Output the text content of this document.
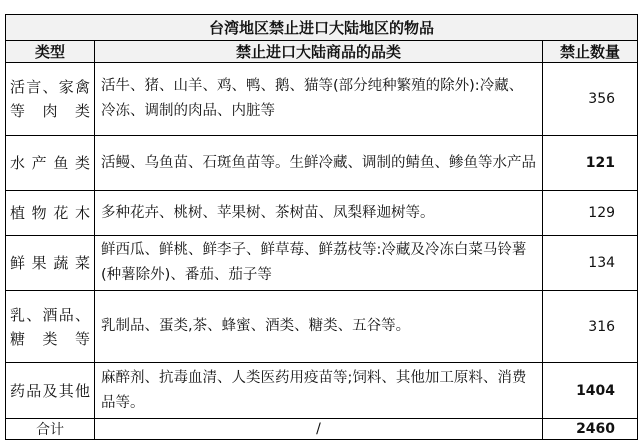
台湾地区禁止进口大陆地区的物品		
类型	禁止进口大陆商品的品类	禁止数量
活言、家禽等肉类	活牛、猪、山羊、鸡、鸭、鹅、猫等(部分纯种繁殖的除外):冷藏、冷冻、调制的肉品、内脏等	356
水产鱼类	活鳗、乌鱼苗、石斑鱼苗等。生鲜冷藏、调制的鲭鱼、鲹鱼等水产品	121
植物花木	多种花卉、桃树、苹果树、茶树苗、凤梨释迦树等。	129
鲜果蔬菜	鲜西瓜、鲜桃、鲜李子、鲜草莓、鲜荔枝等:冷藏及冷冻白菜马铃薯(种薯除外)、番茄、茄子等	134
乳、酒品、糖类等	乳制品、蛋类,茶、蜂蜜、酒类、糖类、五谷等。	316
药品及其他	麻醉剂、抗毒血清、人类医药用疫苗等;饲料、其他加工原料、消费品等。	1404
合计	/	2460
